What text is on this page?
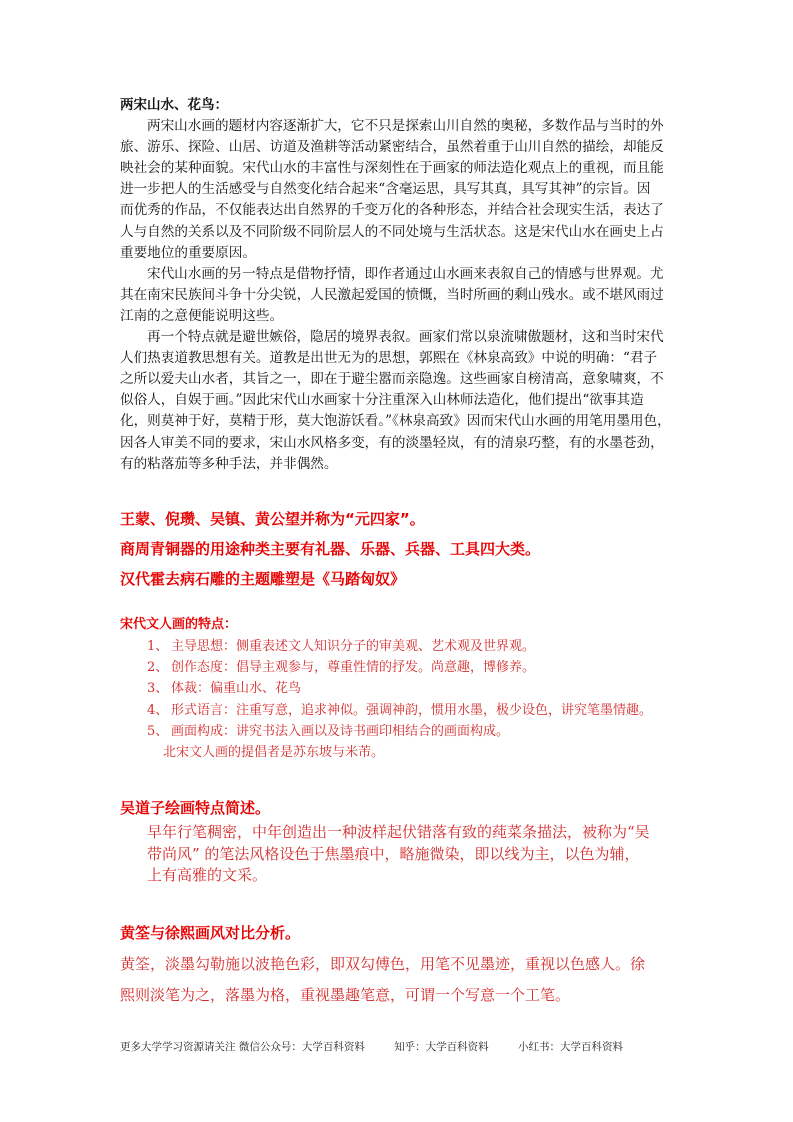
两宋山水、花鸟：
两宋山水画的题材内容逐渐扩大，它不只是探索山川自然的奥秘，多数作品与当时的外
旅、游乐、探险、山居、访道及渔耕等活动紧密结合，虽然着重于山川自然的描绘，却能反
映社会的某种面貌。宋代山水的丰富性与深刻性在于画家的师法造化观点上的重视，而且能
进一步把人的生活感受与自然变化结合起来“含毫运思，具写其真，具写其神”的宗旨。因
而优秀的作品，不仅能表达出自然界的千变万化的各种形态，并结合社会现实生活，表达了
人与自然的关系以及不同阶级不同阶层人的不同处境与生活状态。这是宋代山水在画史上占
重要地位的重要原因。
宋代山水画的另一特点是借物抒情，即作者通过山水画来表叙自己的情感与世界观。尤
其在南宋民族间斗争十分尖锐，人民激起爱国的愤慨，当时所画的剩山残水。或不堪风雨过
江南的之意便能说明这些。
再一个特点就是避世嫉俗，隐居的境界表叙。画家们常以泉流啸傲题材，这和当时宋代
人们热衷道教思想有关。道教是出世无为的思想，郭熙在《林泉高致》中说的明确：“君子
之所以爱夫山水者，其旨之一，即在于避尘嚣而亲隐逸。这些画家自榜清高，意象啸爽，不
似俗人，自娱于画。”因此宋代山水画家十分注重深入山林师法造化，他们提出“欲事其造
化，则莫神于好，莫精于形，莫大饱游饫看。”《林泉高致》因而宋代山水画的用笔用墨用色，
因各人审美不同的要求，宋山水风格多变，有的淡墨轻岚，有的清泉巧整，有的水墨苍劲，
有的粘落茄等多种手法，并非偶然。
王蒙、倪瓒、吴镇、黄公望并称为“元四家”。
商周青铜器的用途种类主要有礼器、乐器、兵器、工具四大类。
汉代霍去病石雕的主题雕塑是《马踏匈奴》
宋代文人画的特点：
1、 主导思想：侧重表述文人知识分子的审美观、艺术观及世界观。
2、 创作态度：倡导主观参与，尊重性情的抒发。尚意趣，博修养。
3、 体裁：偏重山水、花鸟
4、 形式语言：注重写意，追求神似。强调神韵，惯用水墨，极少设色，讲究笔墨情趣。
5、 画面构成：讲究书法入画以及诗书画印相结合的画面构成。
北宋文人画的提倡者是苏东坡与米芾。
吴道子绘画特点简述。
早年行笔稠密，中年创造出一种波样起伏错落有致的莼菜条描法，被称为“吴
带尚风” 的笔法风格设色于焦墨痕中，略施微染，即以线为主，以色为辅，
上有高雅的文采。
黄筌与徐熙画风对比分析。
黄筌，淡墨勾勒施以波艳色彩，即双勾傅色，用笔不见墨迹，重视以色感人。徐
熙则淡笔为之，落墨为格，重视墨趣笔意，可谓一个写意一个工笔。
更多大学学习资源请关注 微信公众号：大学百科资料	知乎：大学百科资料	小红书：大学百科资料
